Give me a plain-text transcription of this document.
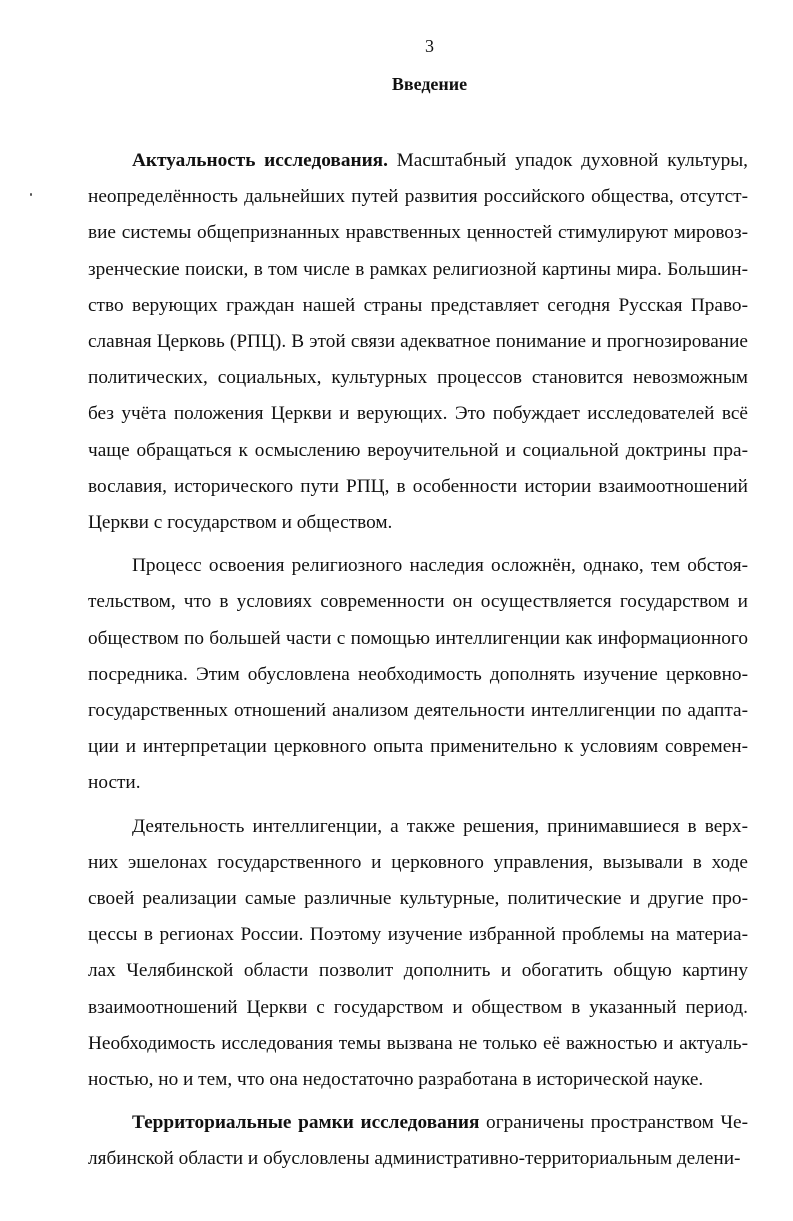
3
Введение

Актуальность исследования. Масштабный упадок духовной культуры, неопределённость дальнейших путей развития российского общества, отсутствие системы общепризнанных нравственных ценностей стимулируют мировоззренческие поиски, в том числе в рамках религиозной картины мира. Большинство верующих граждан нашей страны представляет сегодня Русская Православная Церковь (РПЦ). В этой связи адекватное понимание и прогнозирование политических, социальных, культурных процессов становится невозможным без учёта положения Церкви и верующих. Это побуждает исследователей всё чаще обращаться к осмыслению вероучительной и социальной доктрины православия, исторического пути РПЦ, в особенности истории взаимоотношений Церкви с государством и обществом.

Процесс освоения религиозного наследия осложнён, однако, тем обстоятельством, что в условиях современности он осуществляется государством и обществом по большей части с помощью интеллигенции как информационного посредника. Этим обусловлена необходимость дополнять изучение церковно-государственных отношений анализом деятельности интеллигенции по адаптации и интерпретации церковного опыта применительно к условиям современности.

Деятельность интеллигенции, а также решения, принимавшиеся в верхних эшелонах государственного и церковного управления, вызывали в ходе своей реализации самые различные культурные, политические и другие процессы в регионах России. Поэтому изучение избранной проблемы на материалах Челябинской области позволит дополнить и обогатить общую картину взаимоотношений Церкви с государством и обществом в указанный период. Необходимость исследования темы вызвана не только её важностью и актуальностью, но и тем, что она недостаточно разработана в исторической науке.

Территориальные рамки исследования ограничены пространством Челябинской области и обусловлены административно-территориальным делени-
